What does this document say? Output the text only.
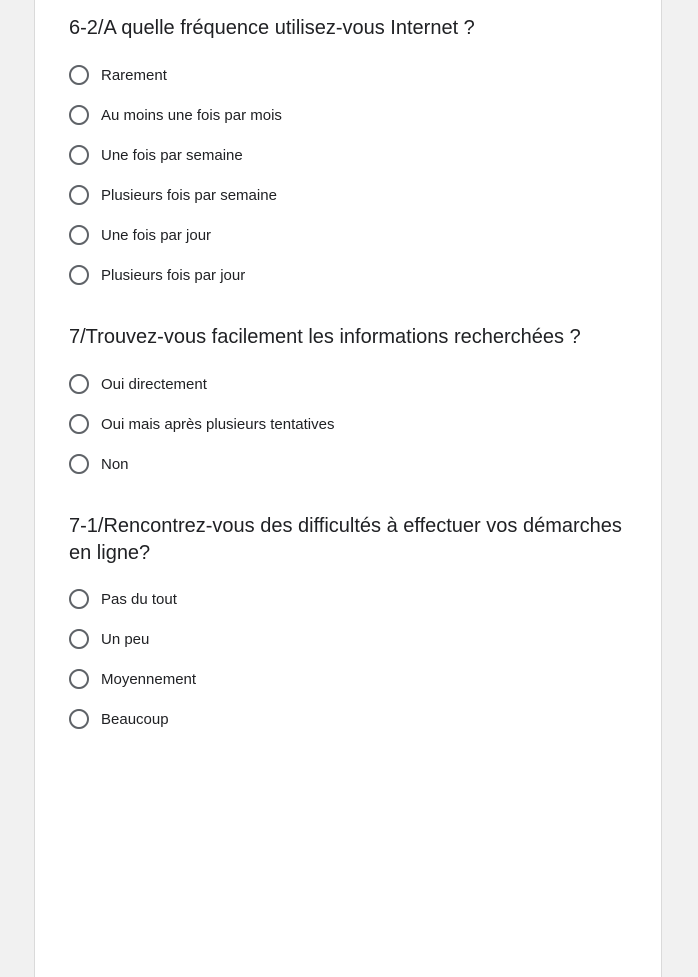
6-2/A quelle fréquence utilisez-vous Internet ?
Rarement
Au moins une fois par mois
Une fois par semaine
Plusieurs fois par semaine
Une fois par jour
Plusieurs fois par jour
7/Trouvez-vous facilement les informations recherchées ?
Oui directement
Oui mais après plusieurs tentatives
Non
7-1/Rencontrez-vous des difficultés à effectuer vos démarches en ligne?
Pas du tout
Un peu
Moyennement
Beaucoup
